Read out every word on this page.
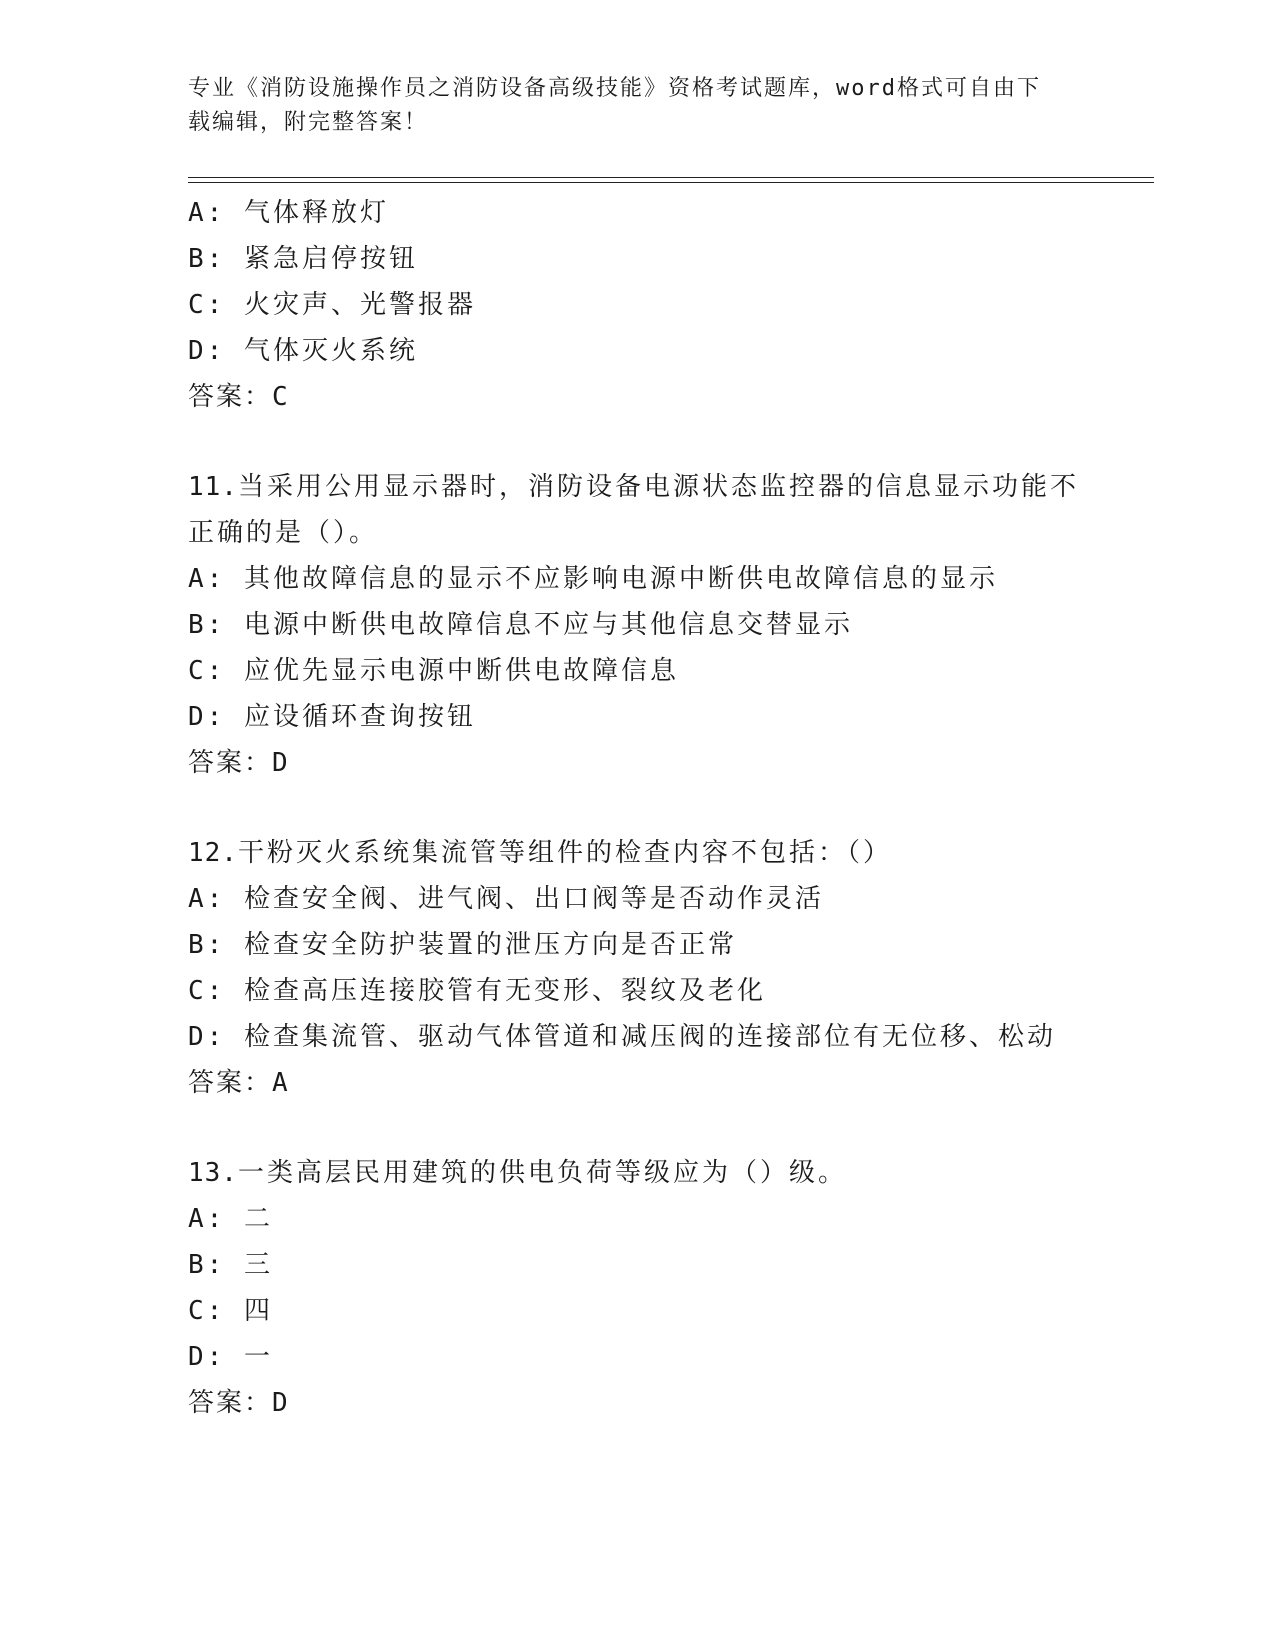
专业《消防设施操作员之消防设备高级技能》资格考试题库，word格式可自由下
载编辑，附完整答案！
A: 气体释放灯
B: 紧急启停按钮
C: 火灾声、光警报器
D: 气体灭火系统
答案：C
11.当采用公用显示器时，消防设备电源状态监控器的信息显示功能不
正确的是（）。
A: 其他故障信息的显示不应影响电源中断供电故障信息的显示
B: 电源中断供电故障信息不应与其他信息交替显示
C: 应优先显示电源中断供电故障信息
D: 应设循环查询按钮
答案：D
12.干粉灭火系统集流管等组件的检查内容不包括：（）
A: 检查安全阀、进气阀、出口阀等是否动作灵活
B: 检查安全防护装置的泄压方向是否正常
C: 检查高压连接胶管有无变形、裂纹及老化
D: 检查集流管、驱动气体管道和减压阀的连接部位有无位移、松动
答案：A
13.一类高层民用建筑的供电负荷等级应为（）级。
A: 二
B: 三
C: 四
D: 一
答案：D
